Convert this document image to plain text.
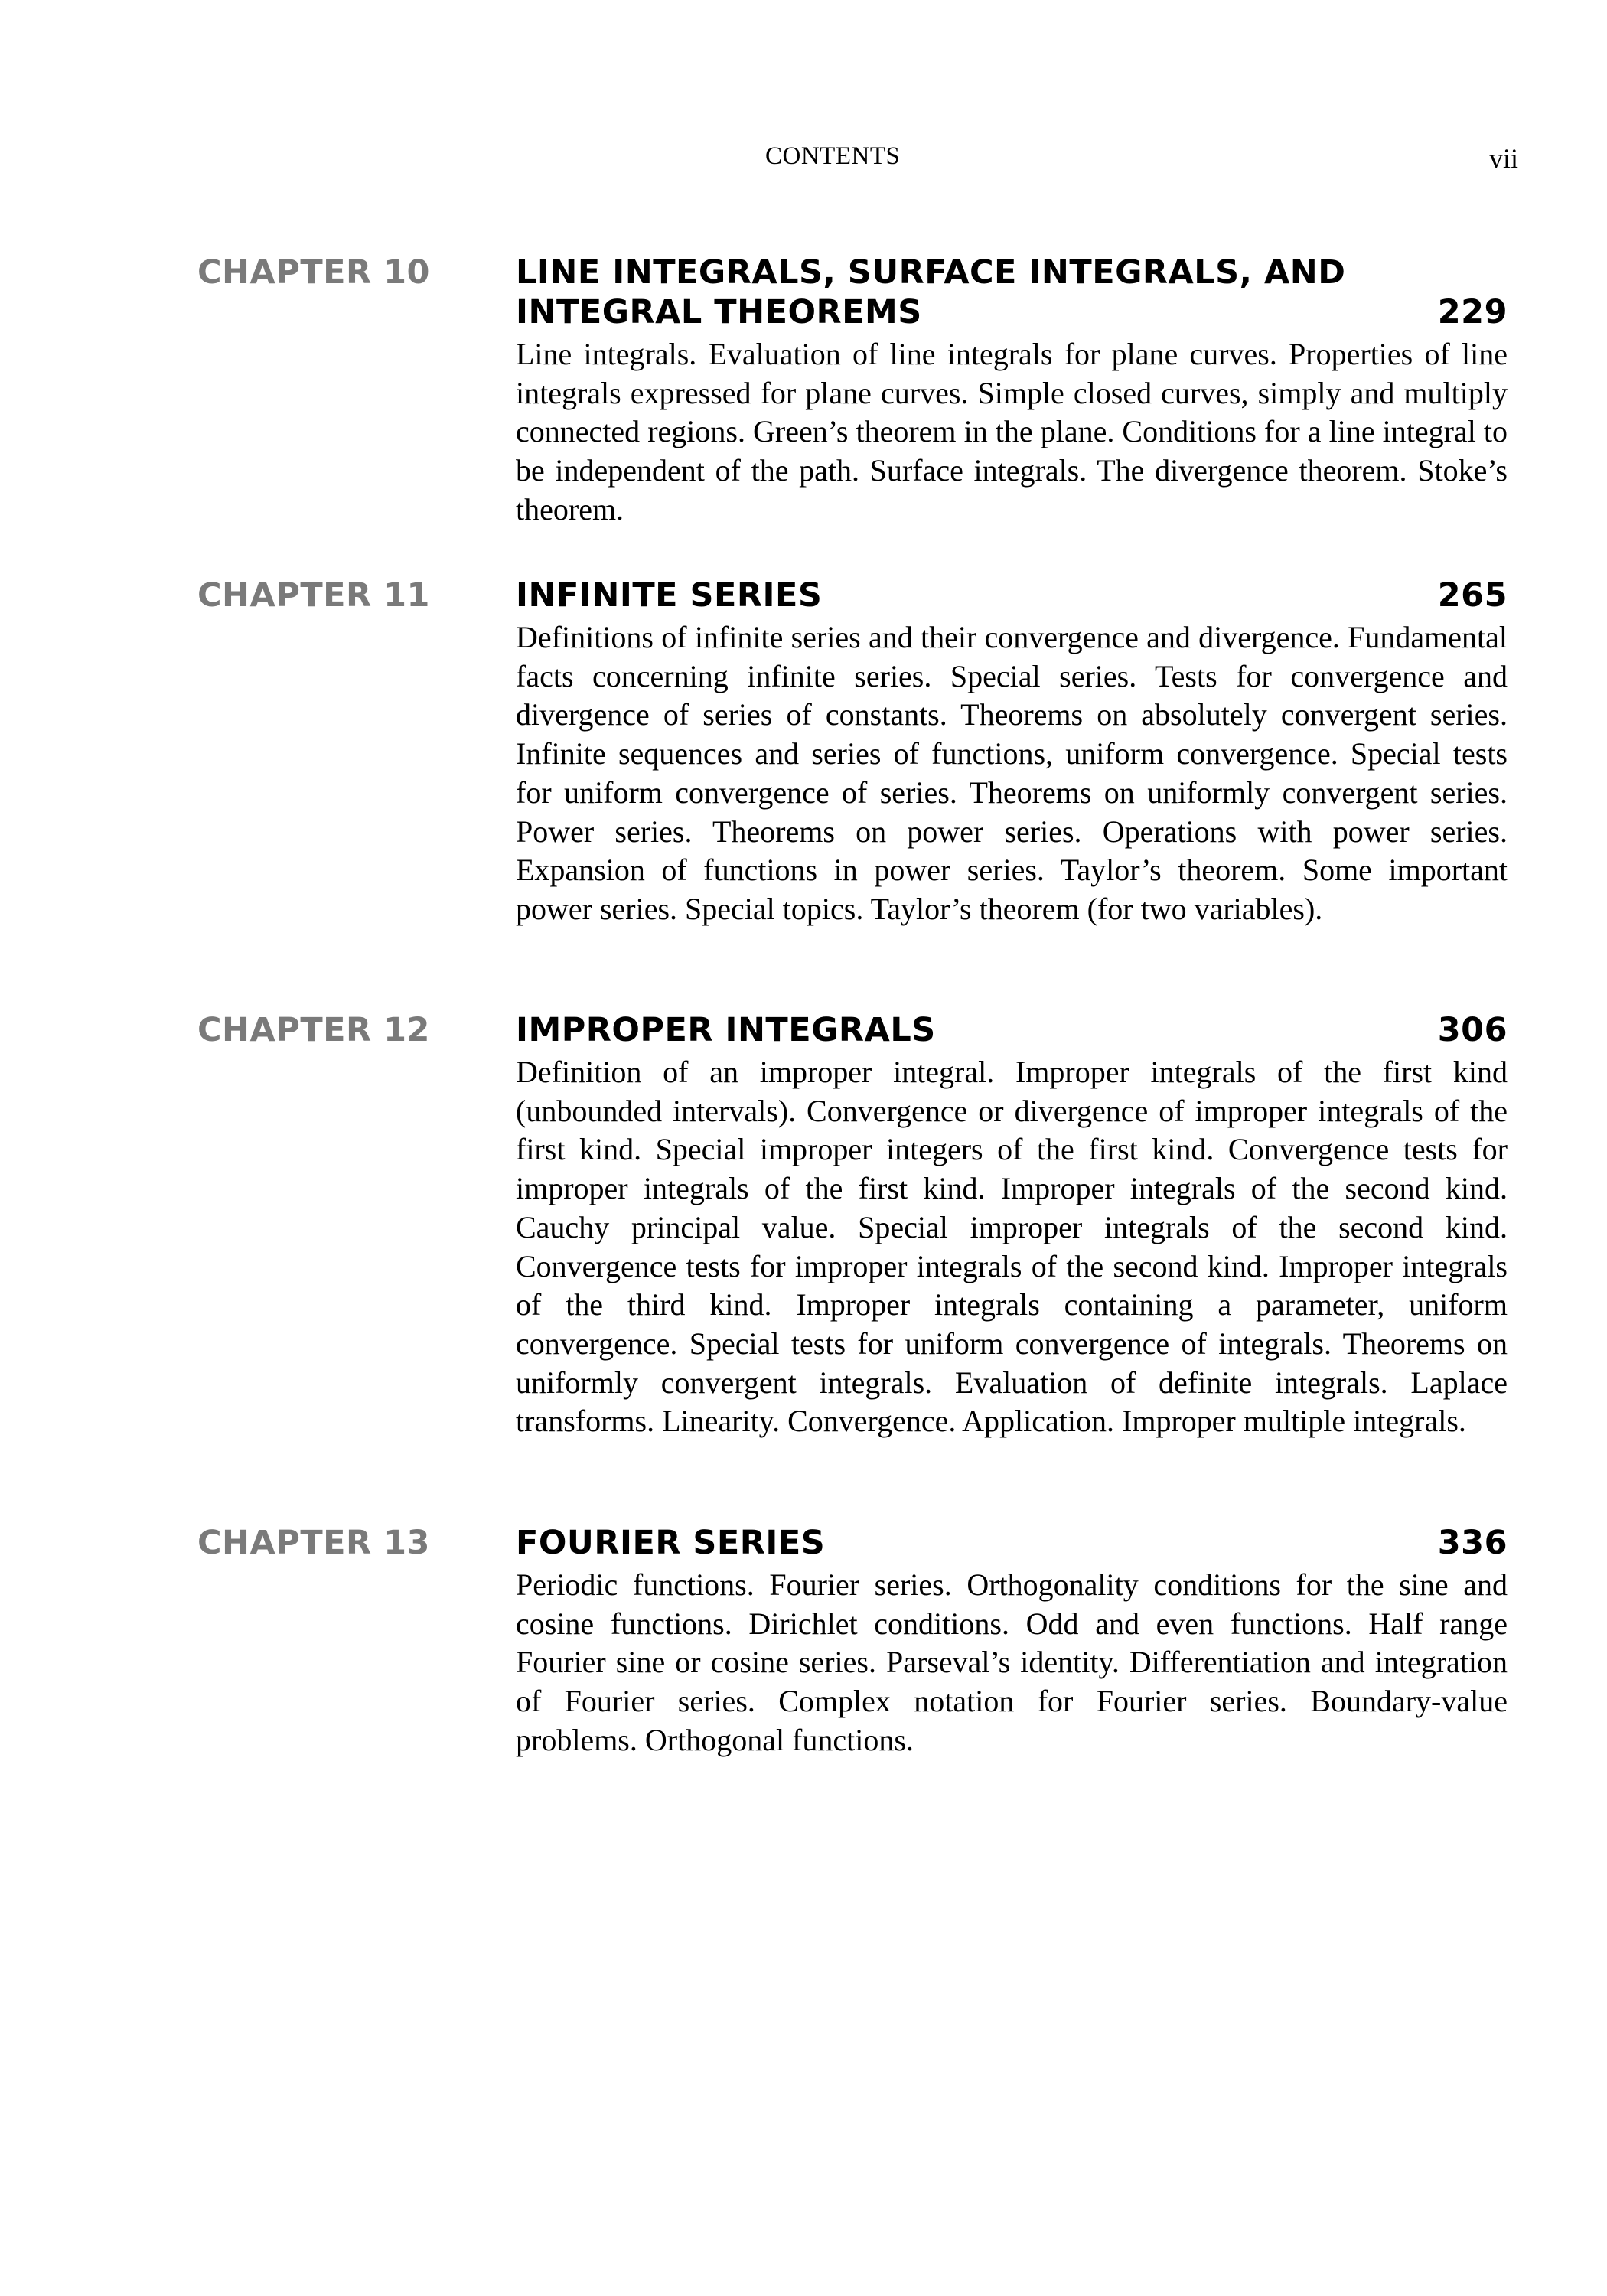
CONTENTS	vii
CHAPTER 10	LINE INTEGRALS, SURFACE INTEGRALS, AND
INTEGRAL THEOREMS	229

Line integrals. Evaluation of line integrals for plane curves. Properties of line integrals expressed for plane curves. Simple closed curves, simply and multiply connected regions. Green’s theorem in the plane. Conditions for a line integral to be independent of the path. Surface integrals. The divergence theorem. Stoke’s theorem.

CHAPTER 11	INFINITE SERIES	265

Definitions of infinite series and their convergence and divergence. Fundamental facts concerning infinite series. Special series. Tests for convergence and divergence of series of constants. Theorems on absolutely convergent series. Infinite sequences and series of functions, uniform convergence. Special tests for uniform convergence of series. Theorems on uniformly convergent series. Power series. Theorems on power series. Operations with power series. Expansion of functions in power series. Taylor’s theorem. Some important power series. Special topics. Taylor’s theorem (for two variables).

CHAPTER 12	IMPROPER INTEGRALS	306

Definition of an improper integral. Improper integrals of the first kind (unbounded intervals). Convergence or divergence of improper integrals of the first kind. Special improper integers of the first kind. Convergence tests for improper integrals of the first kind. Improper integrals of the second kind. Cauchy principal value. Special improper integrals of the second kind. Convergence tests for improper integrals of the second kind. Improper integrals of the third kind. Improper integrals containing a parameter, uniform convergence. Special tests for uniform convergence of integrals. Theorems on uniformly convergent integrals. Evaluation of definite integrals. Laplace transforms. Linearity. Convergence. Application. Improper multiple integrals.

CHAPTER 13	FOURIER SERIES	336

Periodic functions. Fourier series. Orthogonality conditions for the sine and cosine functions. Dirichlet conditions. Odd and even functions. Half range Fourier sine or cosine series. Parseval’s identity. Differentiation and integration of Fourier series. Complex notation for Fourier series. Boundary-value problems. Orthogonal functions.
